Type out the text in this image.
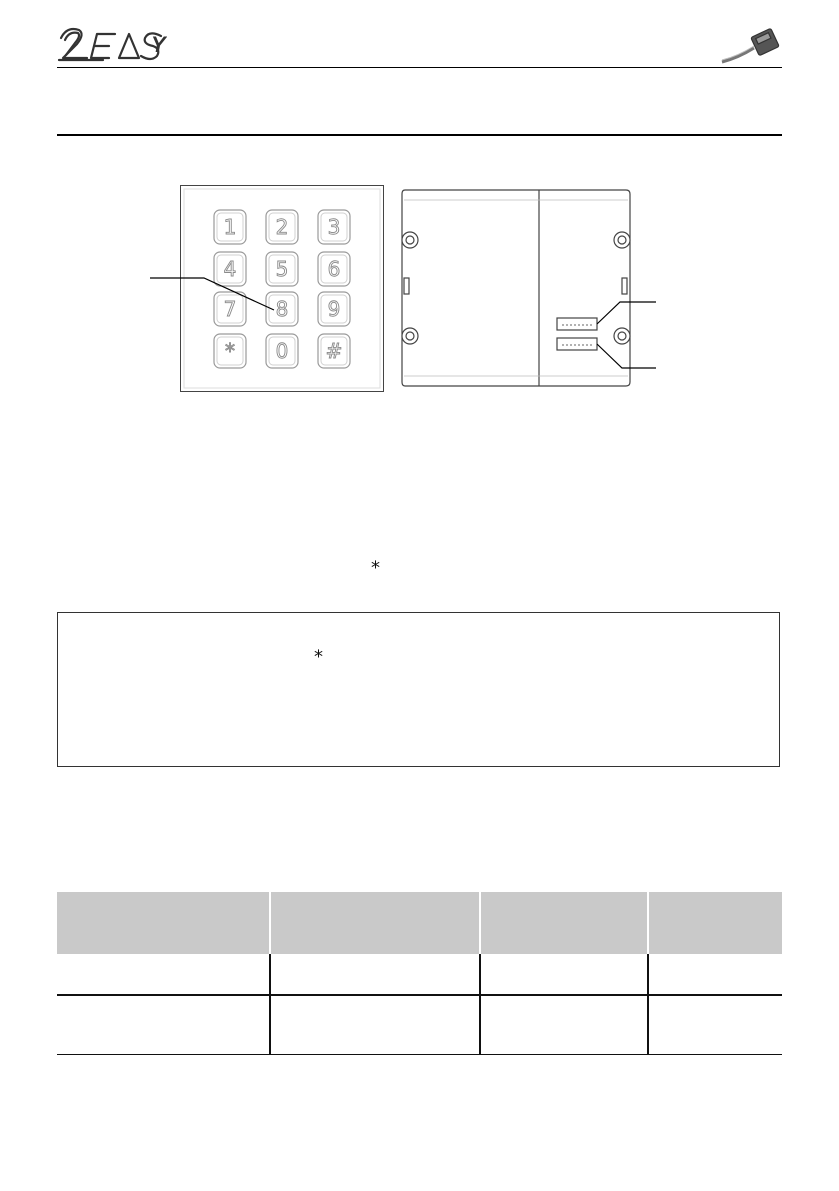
Y
1 2 3
4 5 6
7 8 9
* 0 #
⁎
⁎
